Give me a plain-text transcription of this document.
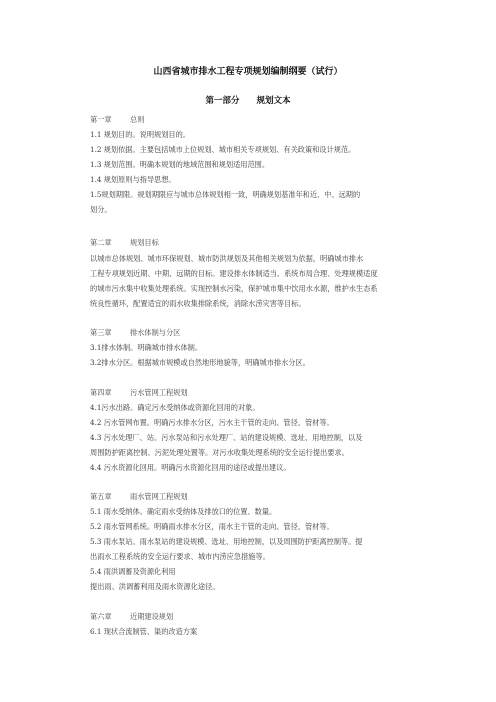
山西省城市排水工程专项规划编制纲要（试行）
第一部分　　规划文本
第一章	总则
1.1 规划目的。说明规划目的。
1.2 规划依据。主要包括城市上位规划、城市相关专项规划、有关政策和设计规范。
1.3 规划范围。明确本规划的地域范围和规划适用范围。
1.4 规划原则与指导思想。
1.5规划期限。规划期限应与城市总体规划相一致，明确规划基准年和近、中、远期的
划分。
第二章	规划目标
以城市总体规划、城市环保规划、城市防洪规划及其他相关规划为依据，明确城市排水
工程专项规划近期、中期、远期的目标。建设排水体制适当、系统布局合理、处理规模适度
的城市污水集中收集处理系统。实现控制水污染，保护城市集中饮用水水源，维护水生态系
统良性循环，配置适宜的雨水收集排除系统，消除水涝灾害等目标。
第三章	排水体制与分区
3.1排水体制。明确城市排水体制。
3.2排水分区。根据城市规模或自然地形地貌等，明确城市排水分区。
第四章	污水管网工程规划
4.1污水出路。确定污水受纳体或资源化回用的对象。
4.2 污水管网布置。明确污水排水分区，污水主干管的走向、管径、管材等。
4.3 污水处理厂、站。污水泵站和污水处理厂、站的建设规模、选址、用地控制，以及
周围防护距离控制、污泥处理处置等。对污水收集处理系统的安全运行提出要求。
4.4 污水资源化回用。明确污水资源化回用的途径或提出建议。
第五章	雨水管网工程规划
5.1 雨水受纳体。确定雨水受纳体及排放口的位置、数量。
5.2 雨水管网系统。明确雨水排水分区，雨水主干管的走向、管径、管材等。
5.3 雨水泵站。雨水泵站的建设规模、选址、用地控制，以及周围防护距离控制等。提
出雨水工程系统的安全运行要求、城市内涝应急措施等。
5.4 雨洪调蓄及资源化利用
提出雨、洪调蓄利用及雨水资源化途径。
第六章	近期建设规划
6.1 现状合流制管、渠的改造方案
